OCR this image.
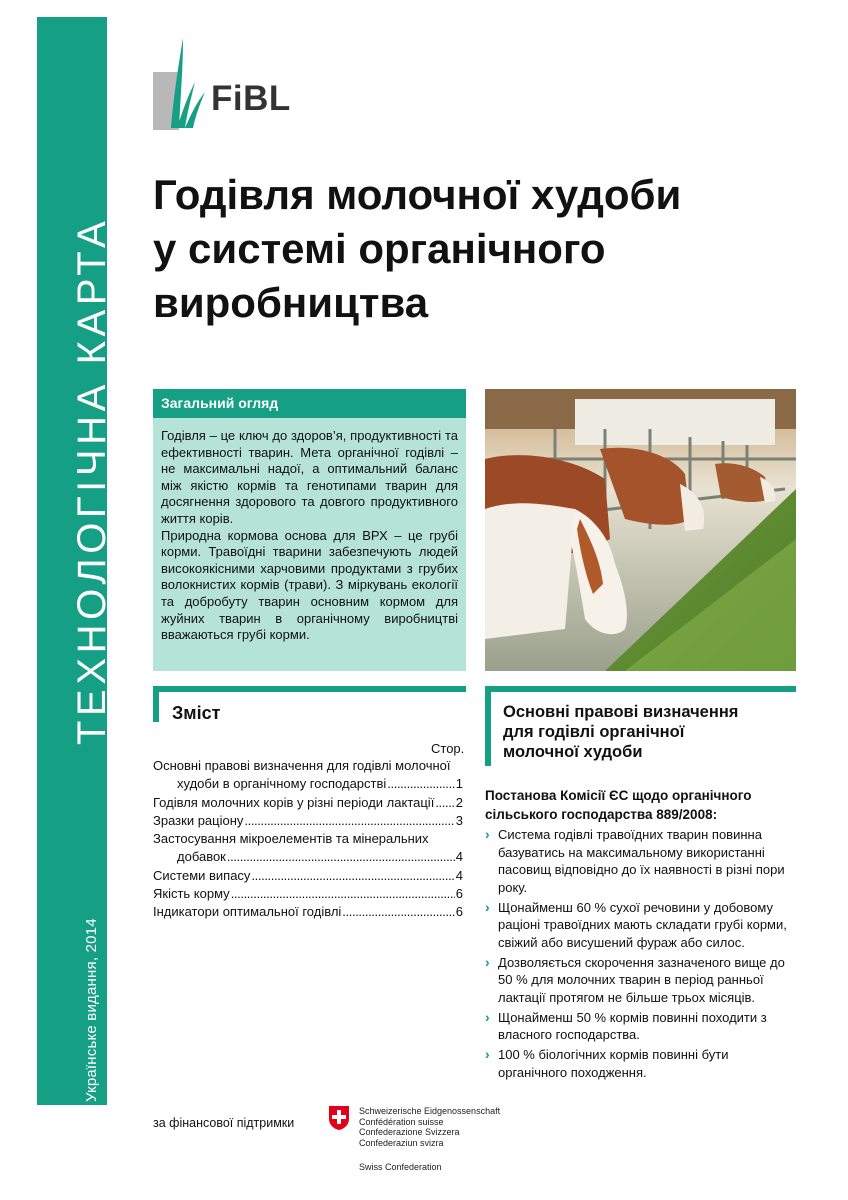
ТЕХНОЛОГІЧНА КАРТА
Українське видання, 2014
FiBL
Годівля молочної худоби
у системі органічного
виробництва
Загальний огляд

Годівля – це ключ до здоров’я, продуктивності та ефективності тварин. Мета органічної годівлі – не максимальні надої, а оптимальний баланс між якістю кормів та генотипами тварин для досягнення здорового та довгого продуктивного життя корів.

Природна кормова основа для ВРХ – це грубі корми. Травоїдні тварини забезпечують людей високоякісними харчовими продуктами з грубих волокнистих кормів (трави). З міркувань екології та добробуту тварин основним кормом для жуйних тварин в органічному виробництві вважаються грубі корми.

Зміст
Стор.
Основні правові визначення для годівлі молочної
худоби в органічному господарстві . . .	1
Годівля молочних корів у різні періоди лактації . . . 2
Зразки раціону . . .	3
Застосування мікроелементів та мінеральних
добавок . . .	4
Системи випасу . . .	4
Якість корму . . .	6
Індикатори оптимальної годівлі . . .	6
Основні правові визначення
для годівлі органічної
молочної худоби
Постанова Комісії ЄС щодо органічного сільського господарства 889/2008:
› Система годівлі травоїдних тварин повинна базуватись на максимальному використанні пасовищ відповідно до їх наявності в різні пори року.
› Щонайменш 60 % сухої речовини у добовому раціоні травоїдних мають складати грубі корми, свіжий або висушений фураж або силос.
› Дозволяється скорочення зазначеного вище до 50 % для молочних тварин в період ранньої лактації протягом не більше трьох місяців.
› Щонайменш 50 % кормів повинні походити з власного господарства.
› 100 % біологічних кормів повинні бути органічного походження.
за фінансової підтримки
Schweizerische Eidgenossenschaft
Confédération suisse
Confederazione Svizzera
Confederaziun svizra
Swiss Confederation
